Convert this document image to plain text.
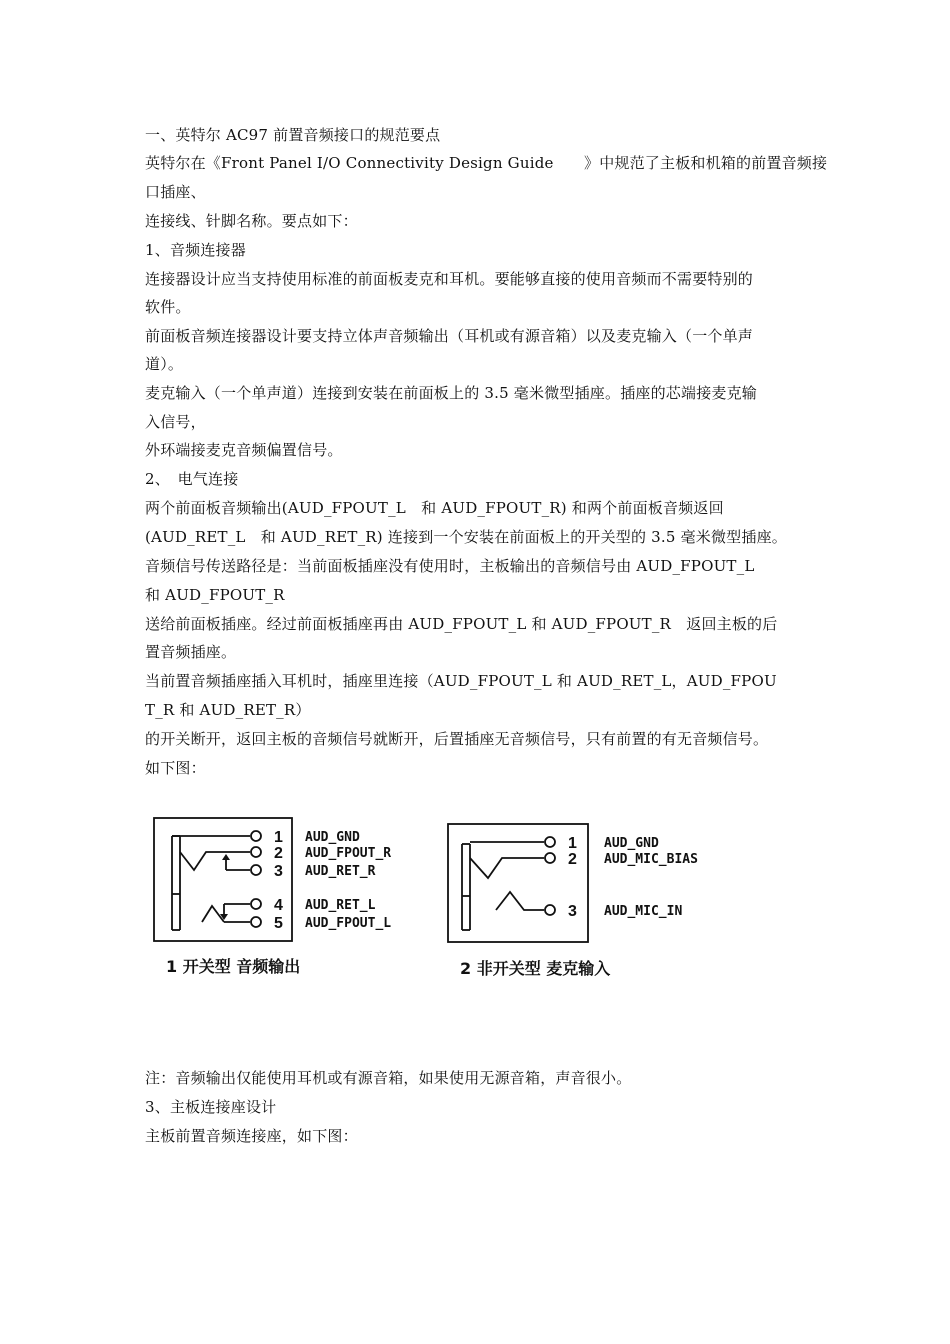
一、英特尔 AC97 前置音频接口的规范要点
英特尔在《Front Panel I/O Connectivity Design Guide　　》中规范了主板和机箱的前置音频接
口插座、
连接线、针脚名称。要点如下：
1、音频连接器
连接器设计应当支持使用标准的前面板麦克和耳机。要能够直接的使用音频而不需要特别的
软件。
前面板音频连接器设计要支持立体声音频输出（耳机或有源音箱）以及麦克输入（一个单声
道）。
麦克输入（一个单声道）连接到安装在前面板上的 3.5 毫米微型插座。插座的芯端接麦克输
入信号，
外环端接麦克音频偏置信号。
2、　电气连接
两个前面板音频输出(AUD_FPOUT_L　和 AUD_FPOUT_R) 和两个前面板音频返回
(AUD_RET_L　和 AUD_RET_R) 连接到一个安装在前面板上的开关型的 3.5 毫米微型插座。
音频信号传送路径是：当前面板插座没有使用时，主板输出的音频信号由 AUD_FPOUT_L
和 AUD_FPOUT_R
送给前面板插座。经过前面板插座再由 AUD_FPOUT_L 和 AUD_FPOUT_R　返回主板的后
置音频插座。
当前置音频插座插入耳机时，插座里连接（AUD_FPOUT_L 和 AUD_RET_L，AUD_FPOU
T_R 和 AUD_RET_R）
的开关断开，返回主板的音频信号就断开，后置插座无音频信号，只有前置的有无音频信号。
如下图：
1 AUD_GND
2 AUD_FPOUT_R
3 AUD_RET_R
4 AUD_RET_L
5 AUD_FPOUT_L
1 AUD_GND
2 AUD_MIC_BIAS
3 AUD_MIC_IN
1 开关型 音频输出	2 非开关型 麦克输入
注：音频输出仅能使用耳机或有源音箱，如果使用无源音箱，声音很小。
3、主板连接座设计
主板前置音频连接座，如下图：
